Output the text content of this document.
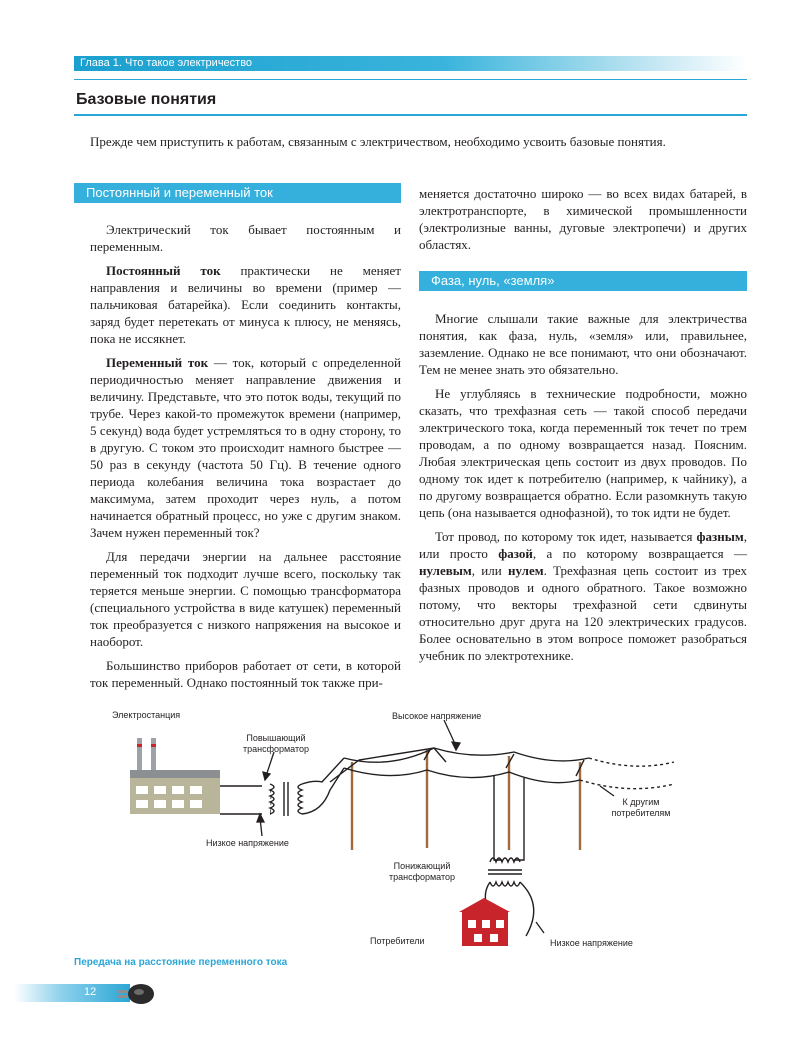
Глава 1. Что такое электричество
Базовые понятия
Прежде чем приступить к работам, связанным с электричеством, необходимо усвоить базовые понятия.
Постоянный и переменный ток

Электрический ток бывает постоянным и переменным.

Постоянный ток практически не меняет направления и величины во времени (пример — пальчиковая батарейка). Если соединить контакты, заряд будет перетекать от минуса к плюсу, не меняясь, пока не иссякнет.

Переменный ток — ток, который с определенной периодичностью меняет направление движения и величину. Представьте, что это поток воды, текущий по трубе. Через какой-то промежуток времени (например, 5 секунд) вода будет устремляться то в одну сторону, то в другую. С током это происходит намного быстрее — 50 раз в секунду (частота 50 Гц). В течение одного периода колебания величина тока возрастает до максимума, затем проходит через нуль, а потом начинается обратный процесс, но уже с другим знаком. Зачем нужен переменный ток?

Для передачи энергии на дальнее расстояние переменный ток подходит лучше всего, поскольку так теряется меньше энергии. С помощью трансформатора (специального устройства в виде катушек) переменный ток преобразуется с низкого напряжения на высокое и наоборот.

Большинство приборов работает от сети, в которой ток переменный. Однако постоянный ток также при-

меняется достаточно широко — во всех видах батарей, в электротранспорте, в химической промышленности (электролизные ванны, дуговые электропечи) и других областях.

Фаза, нуль, «земля»

Многие слышали такие важные для электричества понятия, как фаза, нуль, «земля» или, правильнее, заземление. Однако не все понимают, что они обозначают. Тем не менее знать это обязательно.

Не углубляясь в технические подробности, можно сказать, что трехфазная сеть — такой способ передачи электрического тока, когда переменный ток течет по трем проводам, а по одному возвращается назад. Поясним. Любая электрическая цепь состоит из двух проводов. По одному ток идет к потребителю (например, к чайнику), а по другому возвращается обратно. Если разомкнуть такую цепь (она называется однофазной), то ток идти не будет.

Тот провод, по которому ток идет, называется фазным, или просто фазой, а по которому возвращается — нулевым, или нулем. Трехфазная цепь состоит из трех фазных проводов и одного обратного. Такое возможно потому, что векторы трехфазной сети сдвинуты относительно друг друга на 120 электрических градусов. Более основательно в этом вопросе поможет разобраться учебник по электротехнике.

Электростанция
Повышающий трансформатор
Высокое напряжение
Низкое напряжение
К другим потребителям
Понижающий трансформатор
Потребители	Низкое напряжение
Передача на расстояние переменного тока
12
